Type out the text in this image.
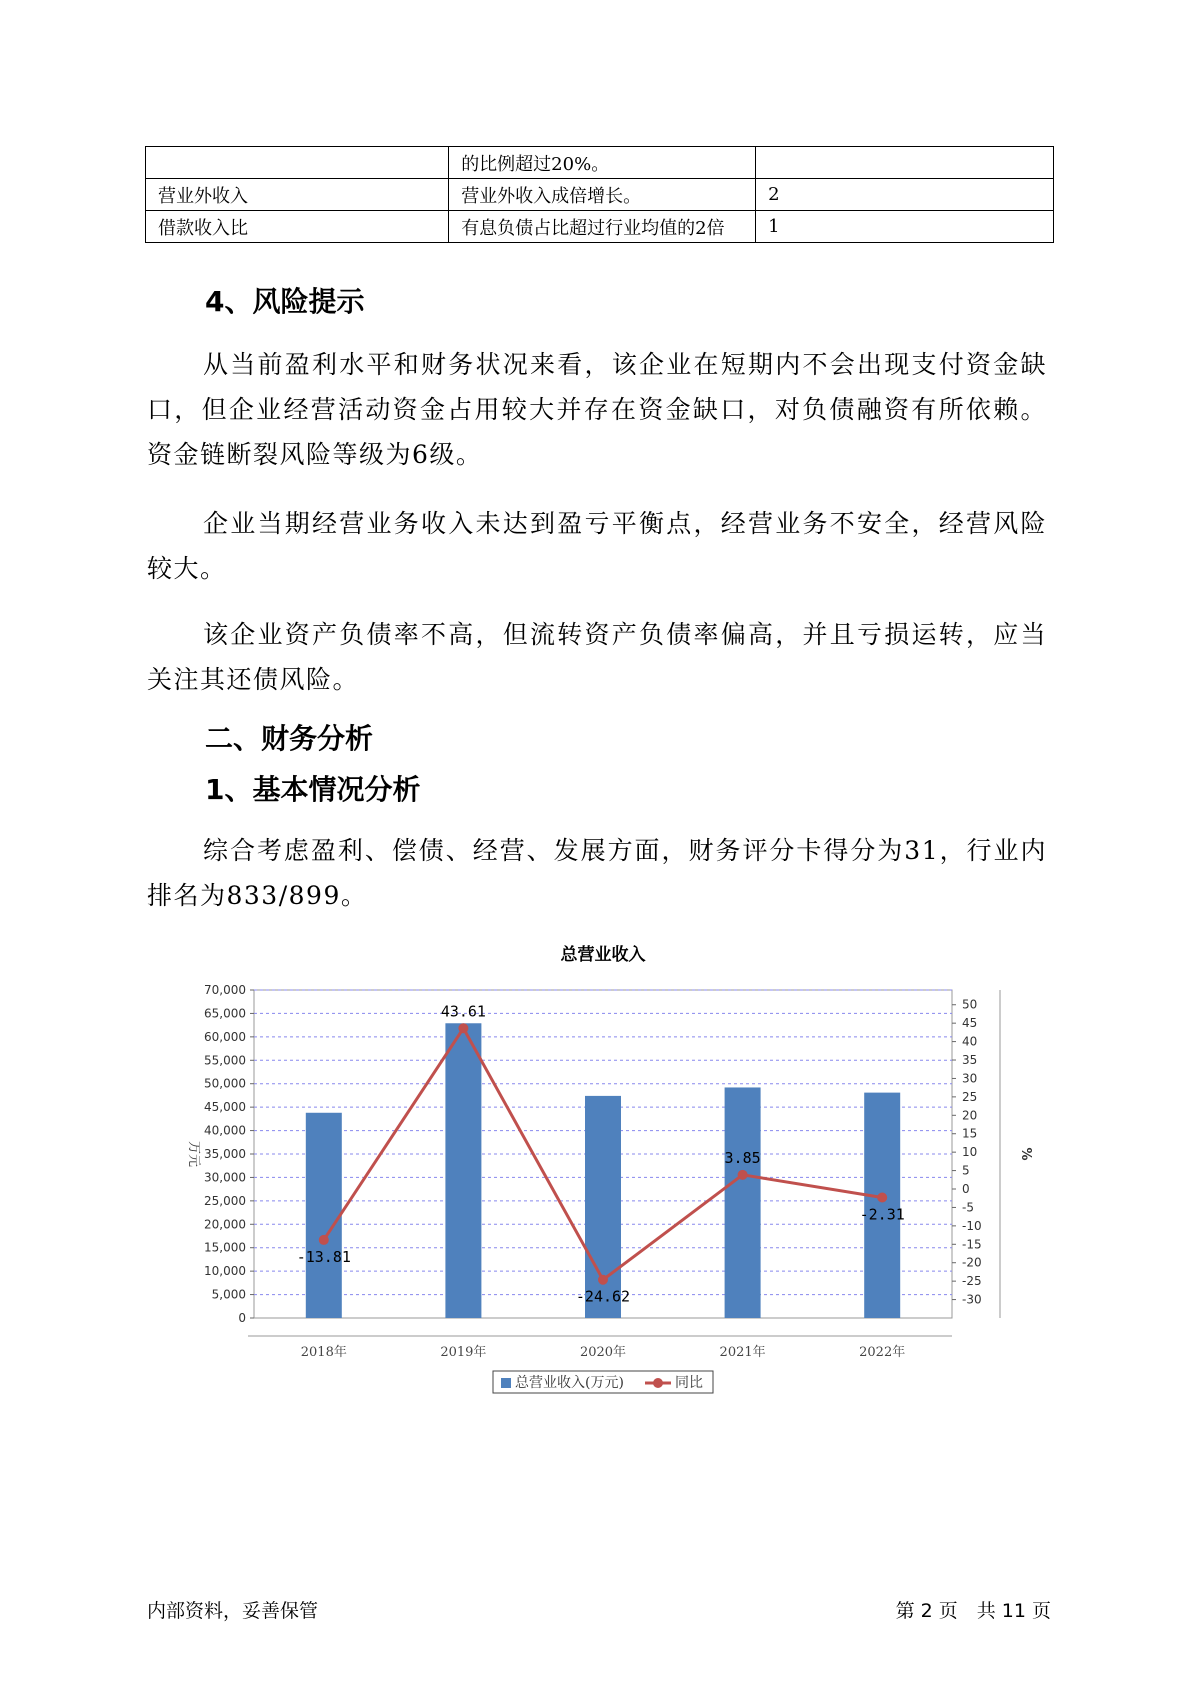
	的比例超过20%。	
营业外收入	营业外收入成倍增长。	2
借款收入比	有息负债占比超过行业均值的2倍	1
4、风险提示
从当前盈利水平和财务状况来看，该企业在短期内不会出现支付资金缺口，但企业经营活动资金占用较大并存在资金缺口，对负债融资有所依赖。资金链断裂风险等级为6级。
企业当期经营业务收入未达到盈亏平衡点，经营业务不安全，经营风险较大。
该企业资产负债率不高，但流转资产负债率偏高，并且亏损运转，应当关注其还债风险。
二、财务分析
1、基本情况分析
综合考虑盈利、偿债、经营、发展方面，财务评分卡得分为31，行业内排名为833/899。
总营业收入
0
5,000
10,000
15,000
20,000
25,000
30,000
35,000
40,000
45,000
50,000
55,000
60,000
65,000
70,000
50
45
40
35
30
25
20
15
10
5
0
-5
-10
-15
-20
-25
-30
万元	%
2018年	2019年	2020年	2021年	2022年
-13.81
43.61
-24.62
3.85
-2.31
总营业收入(万元)	同比
内部资料，妥善保管	第 2 页　共 11 页
